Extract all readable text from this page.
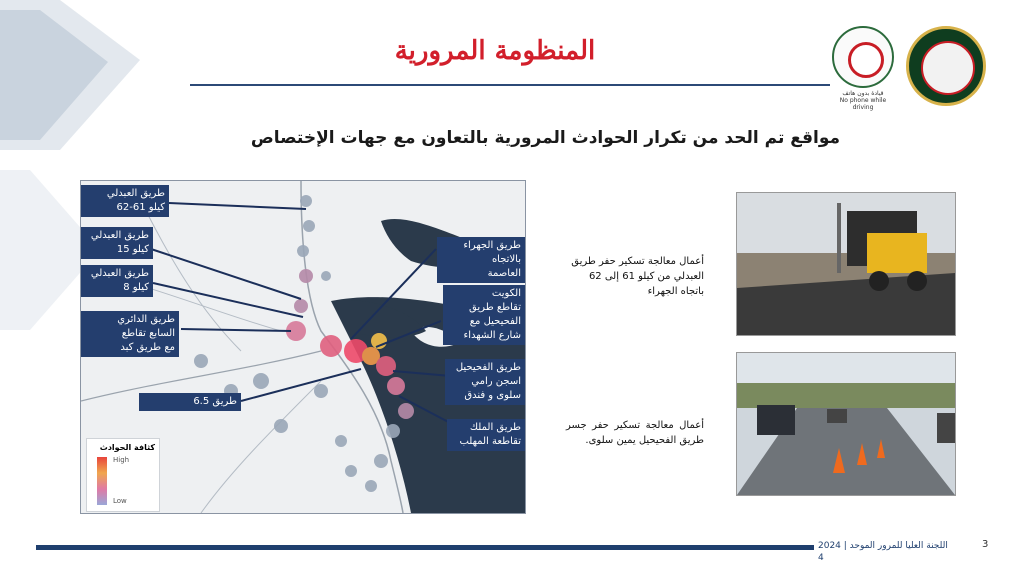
المنظومة المرورية
قيادة بدون هاتف
No phone while driving
مواقع تم الحد من تكرار الحوادث المرورية بالتعاون مع جهات الإختصاص
طريق العبدلي
كيلو 61-62
طريق العبدلي
كيلو 15
طريق العبدلي
كيلو 8
طريق الدائري
السابع تقاطع
مع طريق كبد
طريق 6.5
طريق الجهراء
بالاتجاه
العاصمة
الكويت
تقاطع طريق
الفحيحيل مع
شارع الشهداء
طريق الفحيحيل
اسجن رامي
سلوى و فندق
طريق الملك
تقاطعة المهلب
كثافة الحوادث
High
Low
أعمال معالجة تسكير حفر طريق العبدلي من كيلو 61 إلى 62 باتجاه الجهراء
أعمال معالجة تسكير حفر جسر طريق الفحيحيل يمين سلوى.
2024 | اللجنة العليا للمرور الموحد
4
3
